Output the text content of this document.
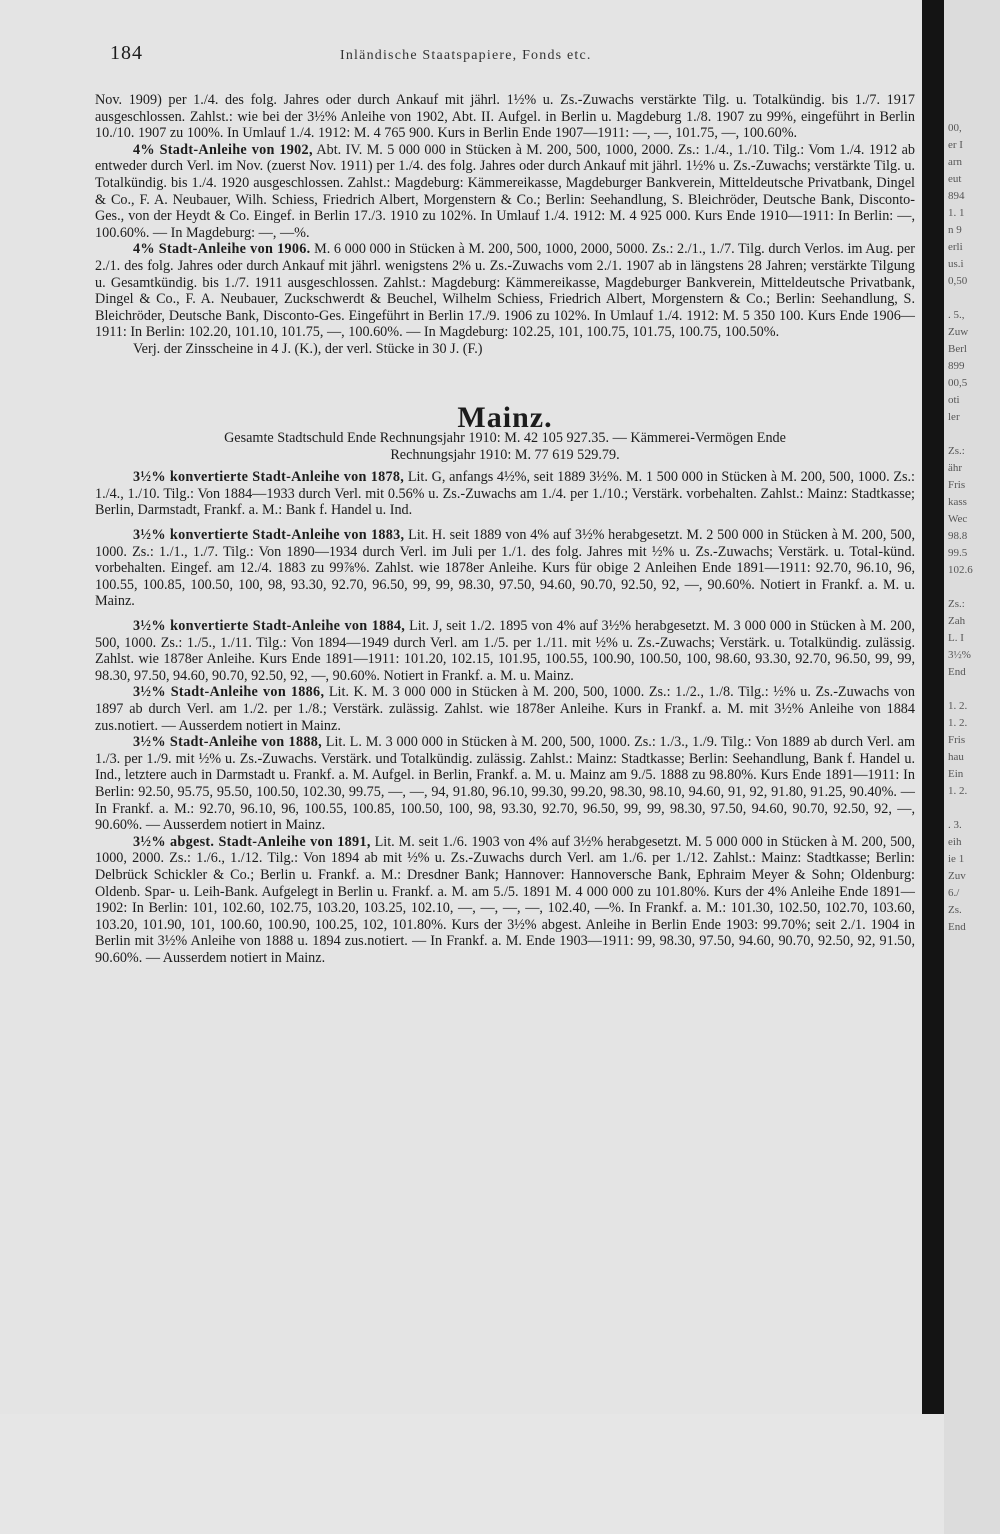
184	Inländische Staatspapiere, Fonds etc.

Nov. 1909) per 1./4. des folg. Jahres oder durch Ankauf mit jährl. 1½% u. Zs.-Zuwachs verstärkte Tilg. u. Totalkündig. bis 1./7. 1917 ausgeschlossen. Zahlst.: wie bei der 3½% Anleihe von 1902, Abt. II. Aufgel. in Berlin u. Magdeburg 1./8. 1907 zu 99%, eingeführt in Berlin 10./10. 1907 zu 100%. In Umlauf 1./4. 1912: M. 4 765 900. Kurs in Berlin Ende 1907—1911: —, —, 101.75, —, 100.60%.

4% Stadt-Anleihe von 1902, Abt. IV. M. 5 000 000 in Stücken à M. 200, 500, 1000, 2000. Zs.: 1./4., 1./10. Tilg.: Vom 1./4. 1912 ab entweder durch Verl. im Nov. (zuerst Nov. 1911) per 1./4. des folg. Jahres oder durch Ankauf mit jährl. 1½% u. Zs.-Zuwachs; verstärkte Tilg. u. Totalkündig. bis 1./4. 1920 ausgeschlossen. Zahlst.: Magdeburg: Kämmereikasse, Magdeburger Bankverein, Mitteldeutsche Privatbank, Dingel & Co., F. A. Neubauer, Wilh. Schiess, Friedrich Albert, Morgenstern & Co.; Berlin: Seehandlung, S. Bleichröder, Deutsche Bank, Disconto-Ges., von der Heydt & Co. Eingef. in Berlin 17./3. 1910 zu 102%. In Umlauf 1./4. 1912: M. 4 925 000. Kurs Ende 1910—1911: In Berlin: —, 100.60%. — In Magdeburg: —, —%.

4% Stadt-Anleihe von 1906. M. 6 000 000 in Stücken à M. 200, 500, 1000, 2000, 5000. Zs.: 2./1., 1./7. Tilg. durch Verlos. im Aug. per 2./1. des folg. Jahres oder durch Ankauf mit jährl. wenigstens 2% u. Zs.-Zuwachs vom 2./1. 1907 ab in längstens 28 Jahren; verstärkte Tilgung u. Gesamtkündig. bis 1./7. 1911 ausgeschlossen. Zahlst.: Magdeburg: Kämmereikasse, Magdeburger Bankverein, Mitteldeutsche Privatbank, Dingel & Co., F. A. Neubauer, Zuckschwerdt & Beuchel, Wilhelm Schiess, Friedrich Albert, Morgenstern & Co.; Berlin: Seehandlung, S. Bleichröder, Deutsche Bank, Disconto-Ges. Eingeführt in Berlin 17./9. 1906 zu 102%. In Umlauf 1./4. 1912: M. 5 350 100. Kurs Ende 1906—1911: In Berlin: 102.20, 101.10, 101.75, —, 100.60%. — In Magdeburg: 102.25, 101, 100.75, 101.75, 100.75, 100.50%.

Verj. der Zinsscheine in 4 J. (K.), der verl. Stücke in 30 J. (F.)

Mainz.

Gesamte Stadtschuld Ende Rechnungsjahr 1910: M. 42 105 927.35. — Kämmerei-Vermögen Ende
Rechnungsjahr 1910: M. 77 619 529.79.

3½% konvertierte Stadt-Anleihe von 1878, Lit. G, anfangs 4½%, seit 1889 3½%. M. 1 500 000 in Stücken à M. 200, 500, 1000. Zs.: 1./4., 1./10. Tilg.: Von 1884—1933 durch Verl. mit 0.56% u. Zs.-Zuwachs am 1./4. per 1./10.; Verstärk. vorbehalten. Zahlst.: Mainz: Stadtkasse; Berlin, Darmstadt, Frankf. a. M.: Bank f. Handel u. Ind.

3½% konvertierte Stadt-Anleihe von 1883, Lit. H. seit 1889 von 4% auf 3½% herabgesetzt. M. 2 500 000 in Stücken à M. 200, 500, 1000. Zs.: 1./1., 1./7. Tilg.: Von 1890—1934 durch Verl. im Juli per 1./1. des folg. Jahres mit ½% u. Zs.-Zuwachs; Verstärk. u. Total-künd. vorbehalten. Eingef. am 12./4. 1883 zu 99⅞%. Zahlst. wie 1878er Anleihe. Kurs für obige 2 Anleihen Ende 1891—1911: 92.70, 96.10, 96, 100.55, 100.85, 100.50, 100, 98, 93.30, 92.70, 96.50, 99, 99, 98.30, 97.50, 94.60, 90.70, 92.50, 92, —, 90.60%. Notiert in Frankf. a. M. u. Mainz.

3½% konvertierte Stadt-Anleihe von 1884, Lit. J, seit 1./2. 1895 von 4% auf 3½% herabgesetzt. M. 3 000 000 in Stücken à M. 200, 500, 1000. Zs.: 1./5., 1./11. Tilg.: Von 1894—1949 durch Verl. am 1./5. per 1./11. mit ½% u. Zs.-Zuwachs; Verstärk. u. Totalkündig. zulässig. Zahlst. wie 1878er Anleihe. Kurs Ende 1891—1911: 101.20, 102.15, 101.95, 100.55, 100.90, 100.50, 100, 98.60, 93.30, 92.70, 96.50, 99, 99, 98.30, 97.50, 94.60, 90.70, 92.50, 92, —, 90.60%. Notiert in Frankf. a. M. u. Mainz.

3½% Stadt-Anleihe von 1886, Lit. K. M. 3 000 000 in Stücken à M. 200, 500, 1000. Zs.: 1./2., 1./8. Tilg.: ½% u. Zs.-Zuwachs von 1897 ab durch Verl. am 1./2. per 1./8.; Verstärk. zulässig. Zahlst. wie 1878er Anleihe. Kurs in Frankf. a. M. mit 3½% Anleihe von 1884 zus.notiert. — Ausserdem notiert in Mainz.

3½% Stadt-Anleihe von 1888, Lit. L. M. 3 000 000 in Stücken à M. 200, 500, 1000. Zs.: 1./3., 1./9. Tilg.: Von 1889 ab durch Verl. am 1./3. per 1./9. mit ½% u. Zs.-Zuwachs. Verstärk. und Totalkündig. zulässig. Zahlst.: Mainz: Stadtkasse; Berlin: Seehandlung, Bank f. Handel u. Ind., letztere auch in Darmstadt u. Frankf. a. M. Aufgel. in Berlin, Frankf. a. M. u. Mainz am 9./5. 1888 zu 98.80%. Kurs Ende 1891—1911: In Berlin: 92.50, 95.75, 95.50, 100.50, 102.30, 99.75, —, —, 94, 91.80, 96.10, 99.30, 99.20, 98.30, 98.10, 94.60, 91, 92, 91.80, 91.25, 90.40%. — In Frankf. a. M.: 92.70, 96.10, 96, 100.55, 100.85, 100.50, 100, 98, 93.30, 92.70, 96.50, 99, 99, 98.30, 97.50, 94.60, 90.70, 92.50, 92, —, 90.60%. — Ausserdem notiert in Mainz.

3½% abgest. Stadt-Anleihe von 1891, Lit. M. seit 1./6. 1903 von 4% auf 3½% herabgesetzt. M. 5 000 000 in Stücken à M. 200, 500, 1000, 2000. Zs.: 1./6., 1./12. Tilg.: Von 1894 ab mit ½% u. Zs.-Zuwachs durch Verl. am 1./6. per 1./12. Zahlst.: Mainz: Stadtkasse; Berlin: Delbrück Schickler & Co.; Berlin u. Frankf. a. M.: Dresdner Bank; Hannover: Hannoversche Bank, Ephraim Meyer & Sohn; Oldenburg: Oldenb. Spar- u. Leih-Bank. Aufgelegt in Berlin u. Frankf. a. M. am 5./5. 1891 M. 4 000 000 zu 101.80%. Kurs der 4% Anleihe Ende 1891—1902: In Berlin: 101, 102.60, 102.75, 103.20, 103.25, 102.10, —, —, —, —, 102.40, —%. In Frankf. a. M.: 101.30, 102.50, 102.70, 103.60, 103.20, 101.90, 101, 100.60, 100.90, 100.25, 102, 101.80%. Kurs der 3½% abgest. Anleihe in Berlin Ende 1903: 99.70%; seit 2./1. 1904 in Berlin mit 3½% Anleihe von 1888 u. 1894 zus.notiert. — In Frankf. a. M. Ende 1903—1911: 99, 98.30, 97.50, 94.60, 90.70, 92.50, 92, 91.50, 90.60%. — Ausserdem notiert in Mainz.

00,
er I
arn
eut
894
1. 1
n 9
erli
us.i
0,50

. 5.,
Zuw
Berl
899
00,5
oti
ler

Zs.:
ähr
Fris
kass
Wec
98.8
99.5
102.6

Zs.:
Zah
L. I
3½%
End

1. 2.
1. 2.
Fris
hau
Ein
1. 2.

. 3.
eih
ie 1
Zuv
6./
Zs.
End
